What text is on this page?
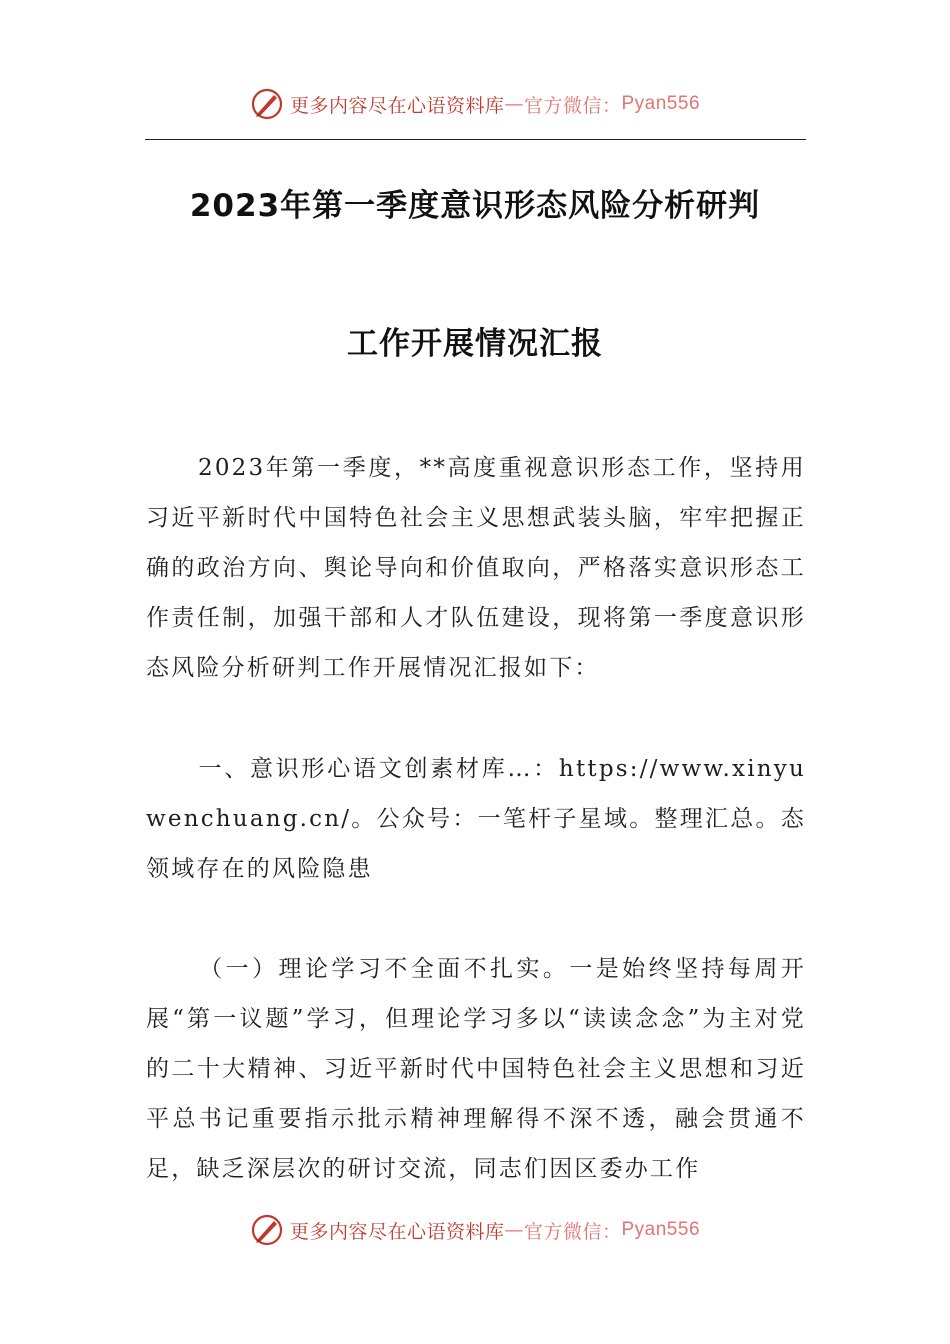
更多内容尽在心语资料库 — 官方微信： Pyan556
2023年第一季度意识形态风险分析研判
工作开展情况汇报
2023年第一季度，**高度重视意识形态工作，坚持用习近平新时代中国特色社会主义思想武装头脑，牢牢把握正确的政治方向、舆论导向和价值取向，严格落实意识形态工作责任制，加强干部和人才队伍建设，现将第一季度意识形态风险分析研判工作开展情况汇报如下：
一、意识形心语文创素材库…：https://www.xinyuwenchuang.cn/。公众号：一笔杆子星域。整理汇总。态领域存在的风险隐患
（一）理论学习不全面不扎实。一是始终坚持每周开展“第一议题”学习，但理论学习多以“读读念念”为主对党的二十大精神、习近平新时代中国特色社会主义思想和习近平总书记重要指示批示精神理解得不深不透，融会贯通不足，缺乏深层次的研讨交流，同志们因区委办工作
更多内容尽在心语资料库 — 官方微信： Pyan556
